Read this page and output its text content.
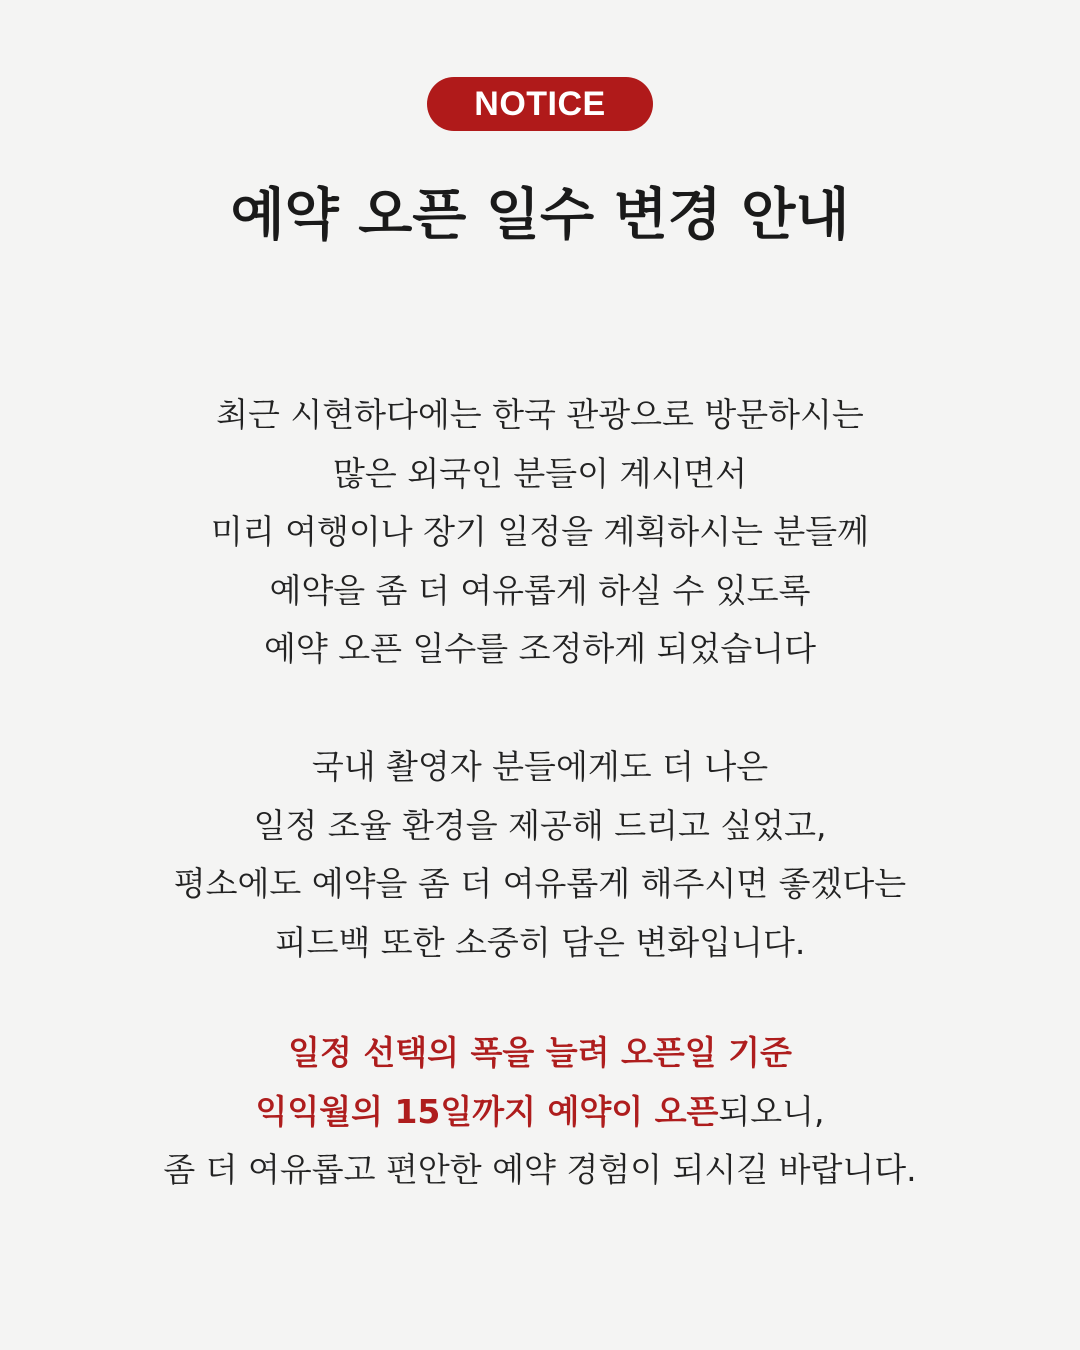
NOTICE
예약 오픈 일수 변경 안내
최근 시현하다에는 한국 관광으로 방문하시는
많은 외국인 분들이 계시면서
미리 여행이나 장기 일정을 계획하시는 분들께
예약을 좀 더 여유롭게 하실 수 있도록
예약 오픈 일수를 조정하게 되었습니다
국내 촬영자 분들에게도 더 나은
일정 조율 환경을 제공해 드리고 싶었고,
평소에도 예약을 좀 더 여유롭게 해주시면 좋겠다는
피드백 또한 소중히 담은 변화입니다.
일정 선택의 폭을 늘려 오픈일 기준
익익월의 15일까지 예약이 오픈되오니,
좀 더 여유롭고 편안한 예약 경험이 되시길 바랍니다.
